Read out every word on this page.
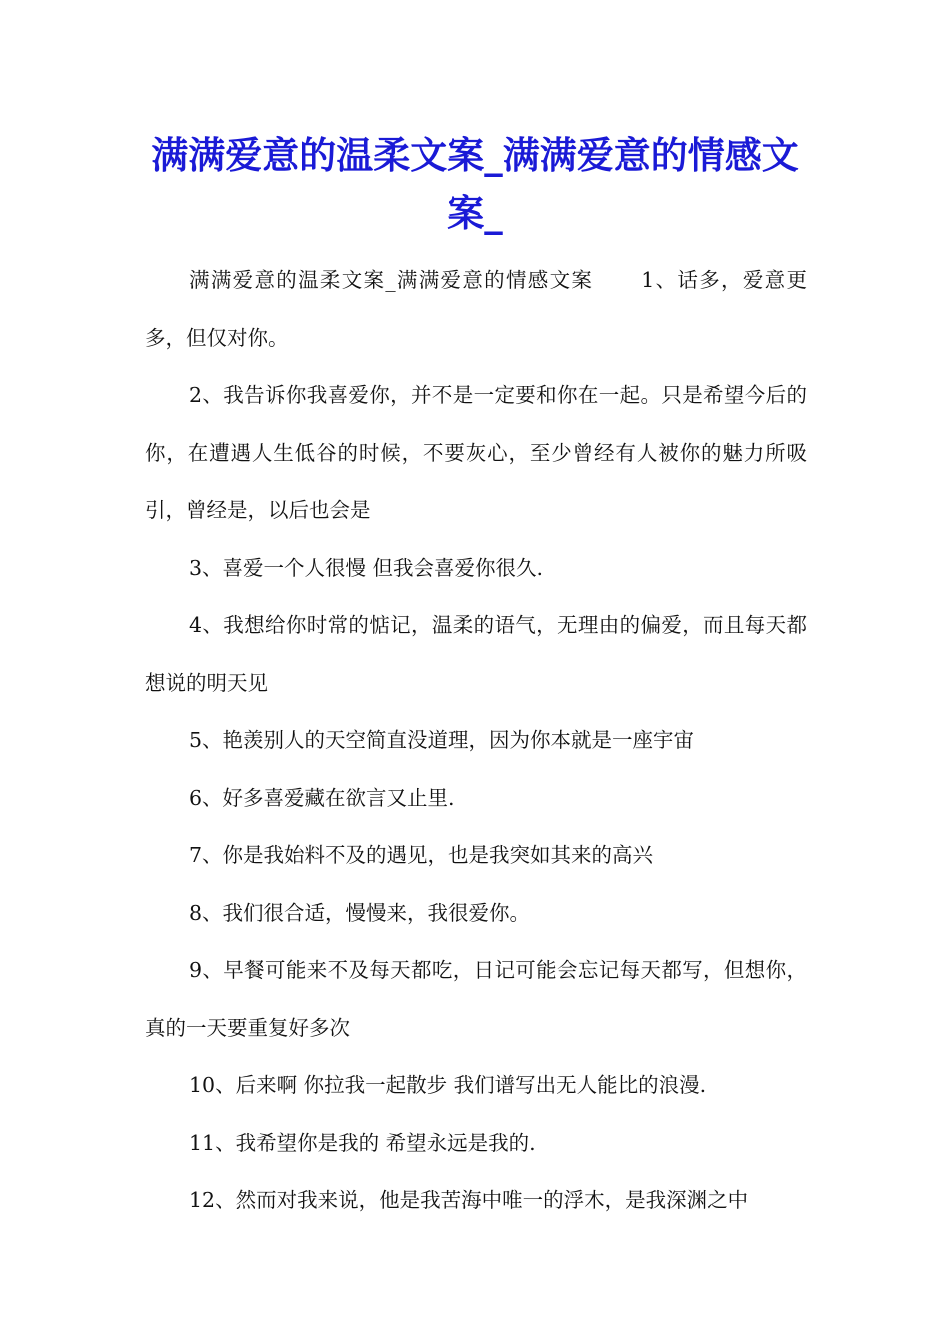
满满爱意的温柔文案_满满爱意的情感文案_

满满爱意的温柔文案_满满爱意的情感文案 1、话多，爱意更多，但仅对你。

2、我告诉你我喜爱你，并不是一定要和你在一起。只是希望今后的你，在遭遇人生低谷的时候，不要灰心，至少曾经有人被你的魅力所吸引，曾经是，以后也会是

3、喜爱一个人很慢 但我会喜爱你很久.

4、我想给你时常的惦记，温柔的语气，无理由的偏爱，而且每天都想说的明天见

5、艳羡别人的天空简直没道理，因为你本就是一座宇宙

6、好多喜爱藏在欲言又止里.

7、你是我始料不及的遇见，也是我突如其来的高兴

8、我们很合适，慢慢来，我很爱你。

9、早餐可能来不及每天都吃，日记可能会忘记每天都写，但想你，真的一天要重复好多次

10、后来啊 你拉我一起散步 我们谱写出无人能比的浪漫.

11、我希望你是我的 希望永远是我的.

12、然而对我来说，他是我苦海中唯一的浮木，是我深渊之中
